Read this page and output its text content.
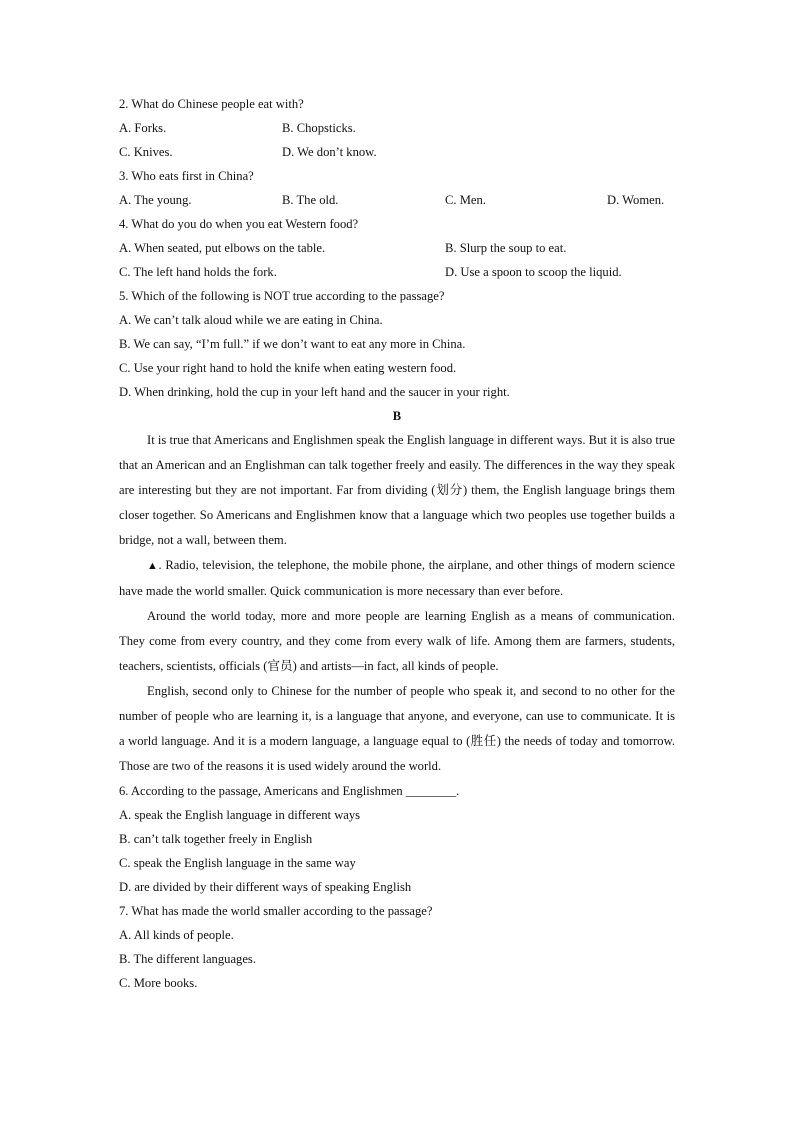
2. What do Chinese people eat with?
A. Forks.	B. Chopsticks.
C. Knives.	D. We don’t know.
3. Who eats first in China?
A. The young.	B. The old.	C. Men.	D. Women.
4. What do you do when you eat Western food?
A. When seated, put elbows on the table.	B. Slurp the soup to eat.
C. The left hand holds the fork.	D. Use a spoon to scoop the liquid.
5. Which of the following is NOT true according to the passage?
A. We can’t talk aloud while we are eating in China.
B. We can say, “I’m full.” if we don’t want to eat any more in China.
C. Use your right hand to hold the knife when eating western food.
D. When drinking, hold the cup in your left hand and the saucer in your right.
B

It is true that Americans and Englishmen speak the English language in different ways. But it is also true that an American and an Englishman can talk together freely and easily. The differences in the way they speak are interesting but they are not important. Far from dividing (划分) them, the English language brings them closer together. So Americans and Englishmen know that a language which two peoples use together builds a bridge, not a wall, between them.

▲. Radio, television, the telephone, the mobile phone, the airplane, and other things of modern science have made the world smaller. Quick communication is more necessary than ever before.

Around the world today, more and more people are learning English as a means of communication. They come from every country, and they come from every walk of life. Among them are farmers, students, teachers, scientists, officials (官员) and artists—in fact, all kinds of people.

English, second only to Chinese for the number of people who speak it, and second to no other for the number of people who are learning it, is a language that anyone, and everyone, can use to communicate. It is a world language. And it is a modern language, a language equal to (胜任) the needs of today and tomorrow. Those are two of the reasons it is used widely around the world.

6. According to the passage, Americans and Englishmen ________.
A. speak the English language in different ways
B. can’t talk together freely in English
C. speak the English language in the same way
D. are divided by their different ways of speaking English
7. What has made the world smaller according to the passage?
A. All kinds of people.
B. The different languages.
C. More books.
